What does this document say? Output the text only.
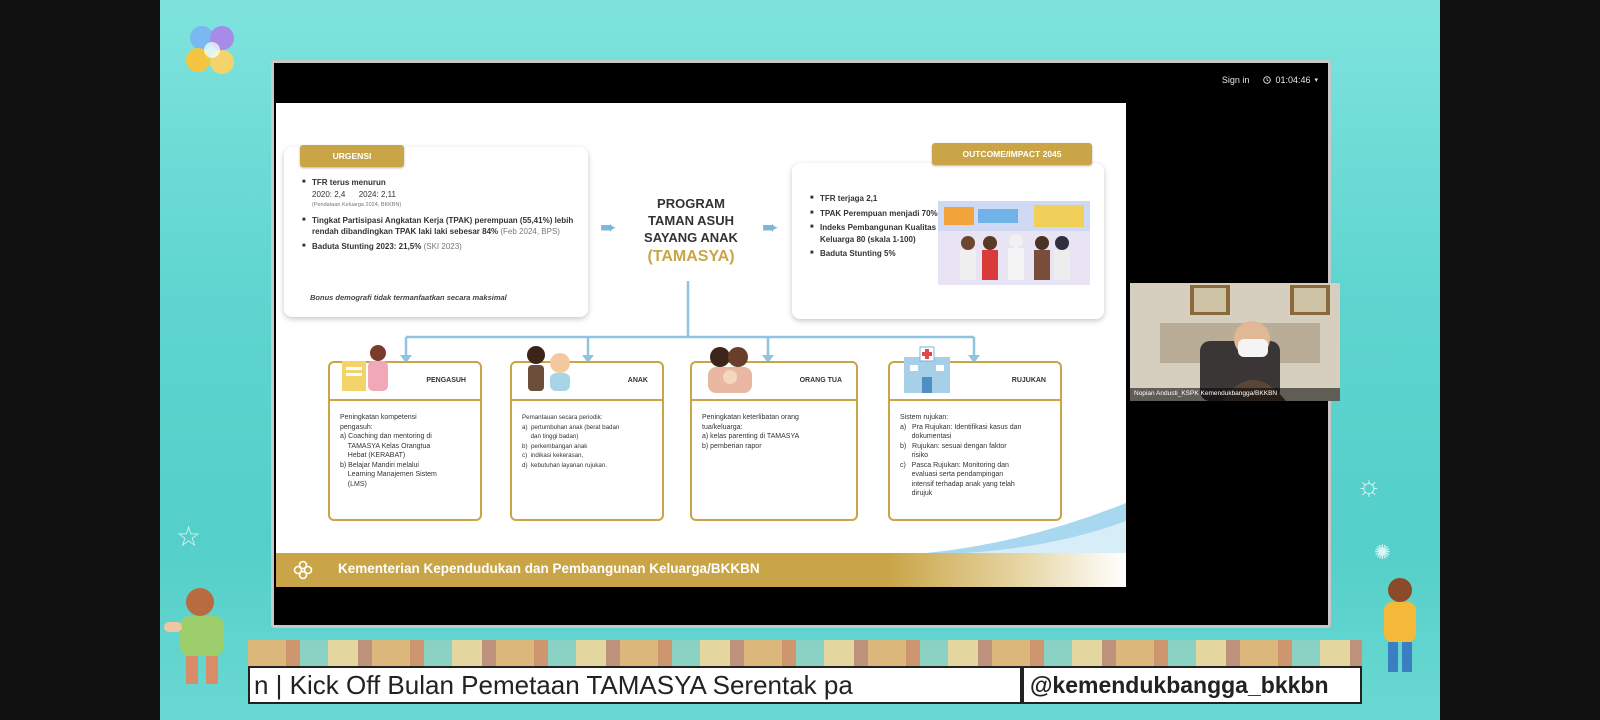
☆
☼
✺
Sign in	01:04:46 ▾
■ TFR terus menurun
2020: 2,4      2024: 2,11
(Pendataan Keluarga 2024, BKKBN)
■ Tingkat Partisipasi Angkatan Kerja (TPAK) perempuan (55,41%) lebih rendah dibandingkan TPAK laki laki sebesar 84% (Feb 2024, BPS)
■ Baduta Stunting 2023: 21,5% (SKI 2023)
Bonus demografi tidak termanfaatkan secara maksimal
URGENSI
➨	➨
PROGRAM
TAMAN ASUH
SAYANG ANAK
(TAMASYA)
■ TFR terjaga 2,1
■ TPAK Perempuan menjadi 70%
■ Indeks Pembangunan Kualitas Keluarga 80 (skala 1-100)
■ Baduta Stunting 5%
OUTCOME/IMPACT 2045
PENGASUH

Peningkatan kompetensi

pengasuh:

a) Coaching dan mentoring di

TAMASYA Kelas Orangtua

Hebat (KERABAT)

b) Belajar Mandiri melalui

Learning Manajemen Sistem

(LMS)

ANAK

Pemantauan secara periodik:

a)  pertumbuhan anak (berat badan

dan tinggi badan)

b)  perkembangan anak

c)  indikasi kekerasan,

d)  kebutuhan layanan rujukan.

ORANG TUA

Peningkatan keterlibatan orang

tua/keluarga:

a) kelas parenting di TAMASYA

b) pemberian rapor

RUJUKAN

Sistem rujukan:

a)   Pra Rujukan: Identifikasi kasus dan

dokumentasi

b)   Rujukan: sesuai dengan faktor

risiko

c)   Pasca Rujukan: Monitoring dan

evaluasi serta pendampingan

intensif terhadap anak yang telah

dirujuk

Kementerian Kependudukan dan Pembangunan Keluarga/BKKBN
Nopian Andusti_KSPK Kemendukbangga/BKKBN
n | Kick Off Bulan Pemetaan TAMASYA Serentak pa	@kemendukbangga_bkkbn
